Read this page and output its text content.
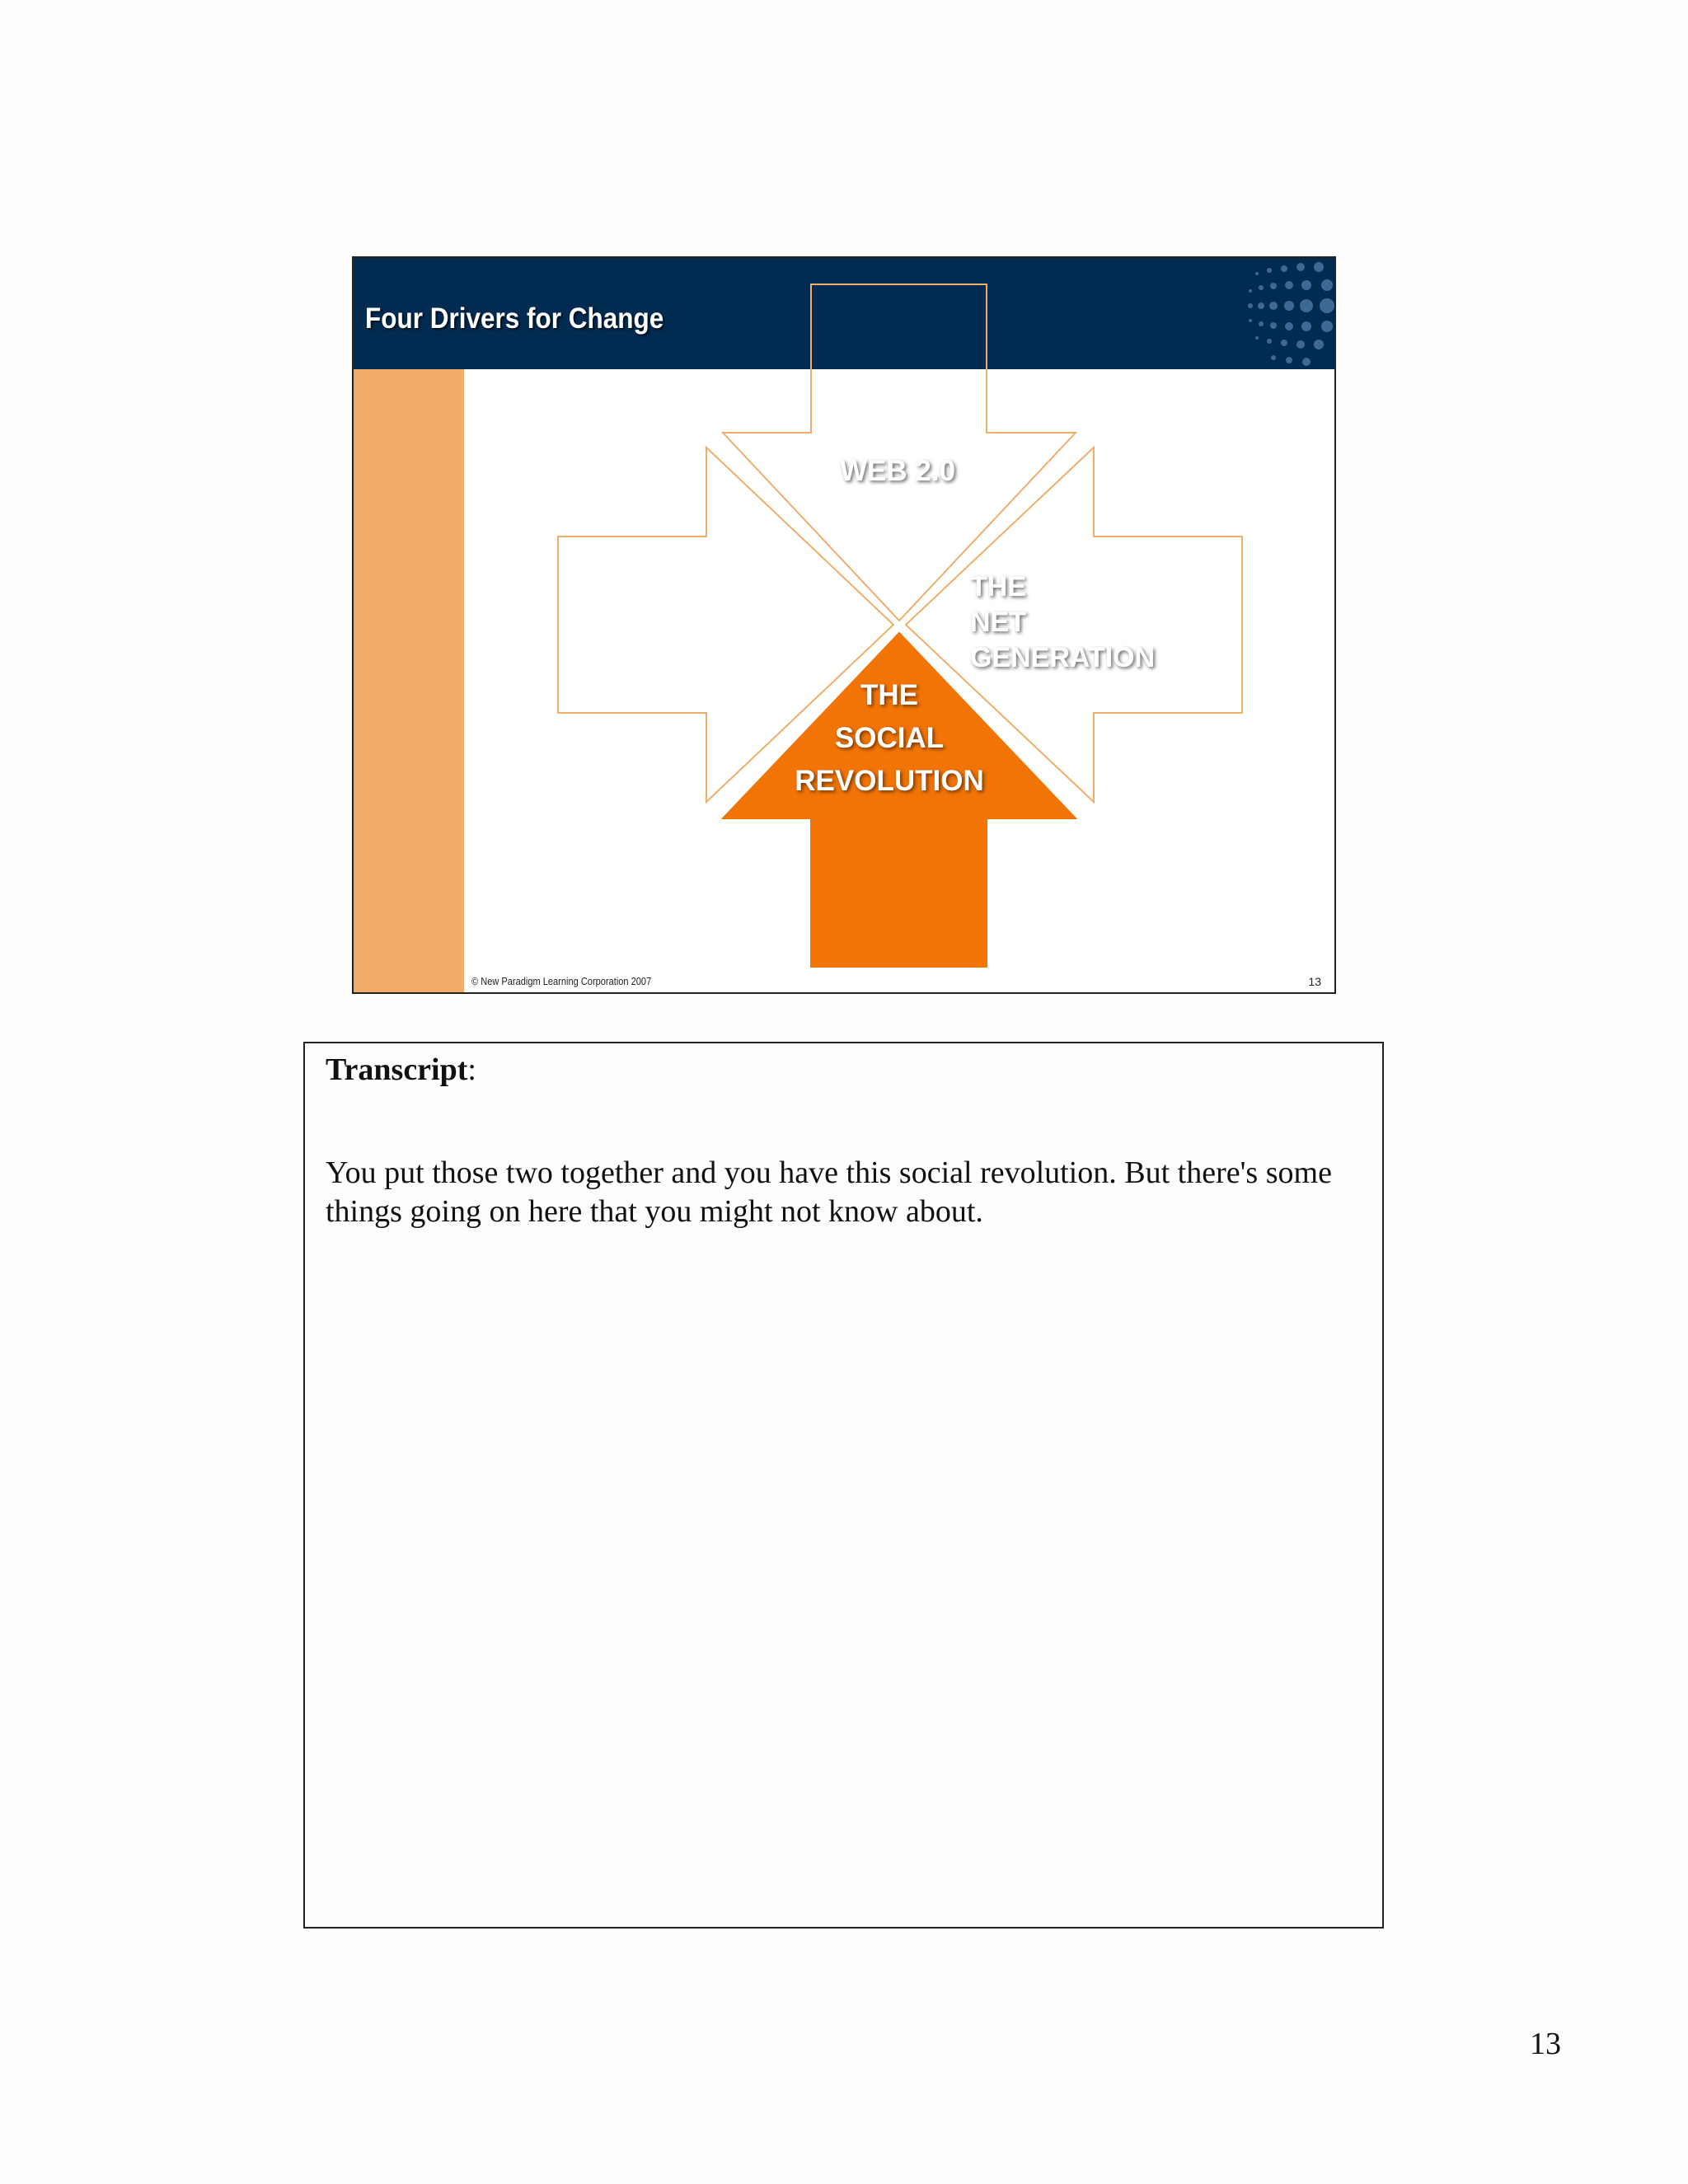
Four Drivers for Change
WEB 2.0
THE
NET
GENERATION
THE
SOCIAL
REVOLUTION
© New Paradigm Learning Corporation 2007	13
Transcript:
You put those two together and you have this social revolution. But there's some things going on here that you might not know about.
13
